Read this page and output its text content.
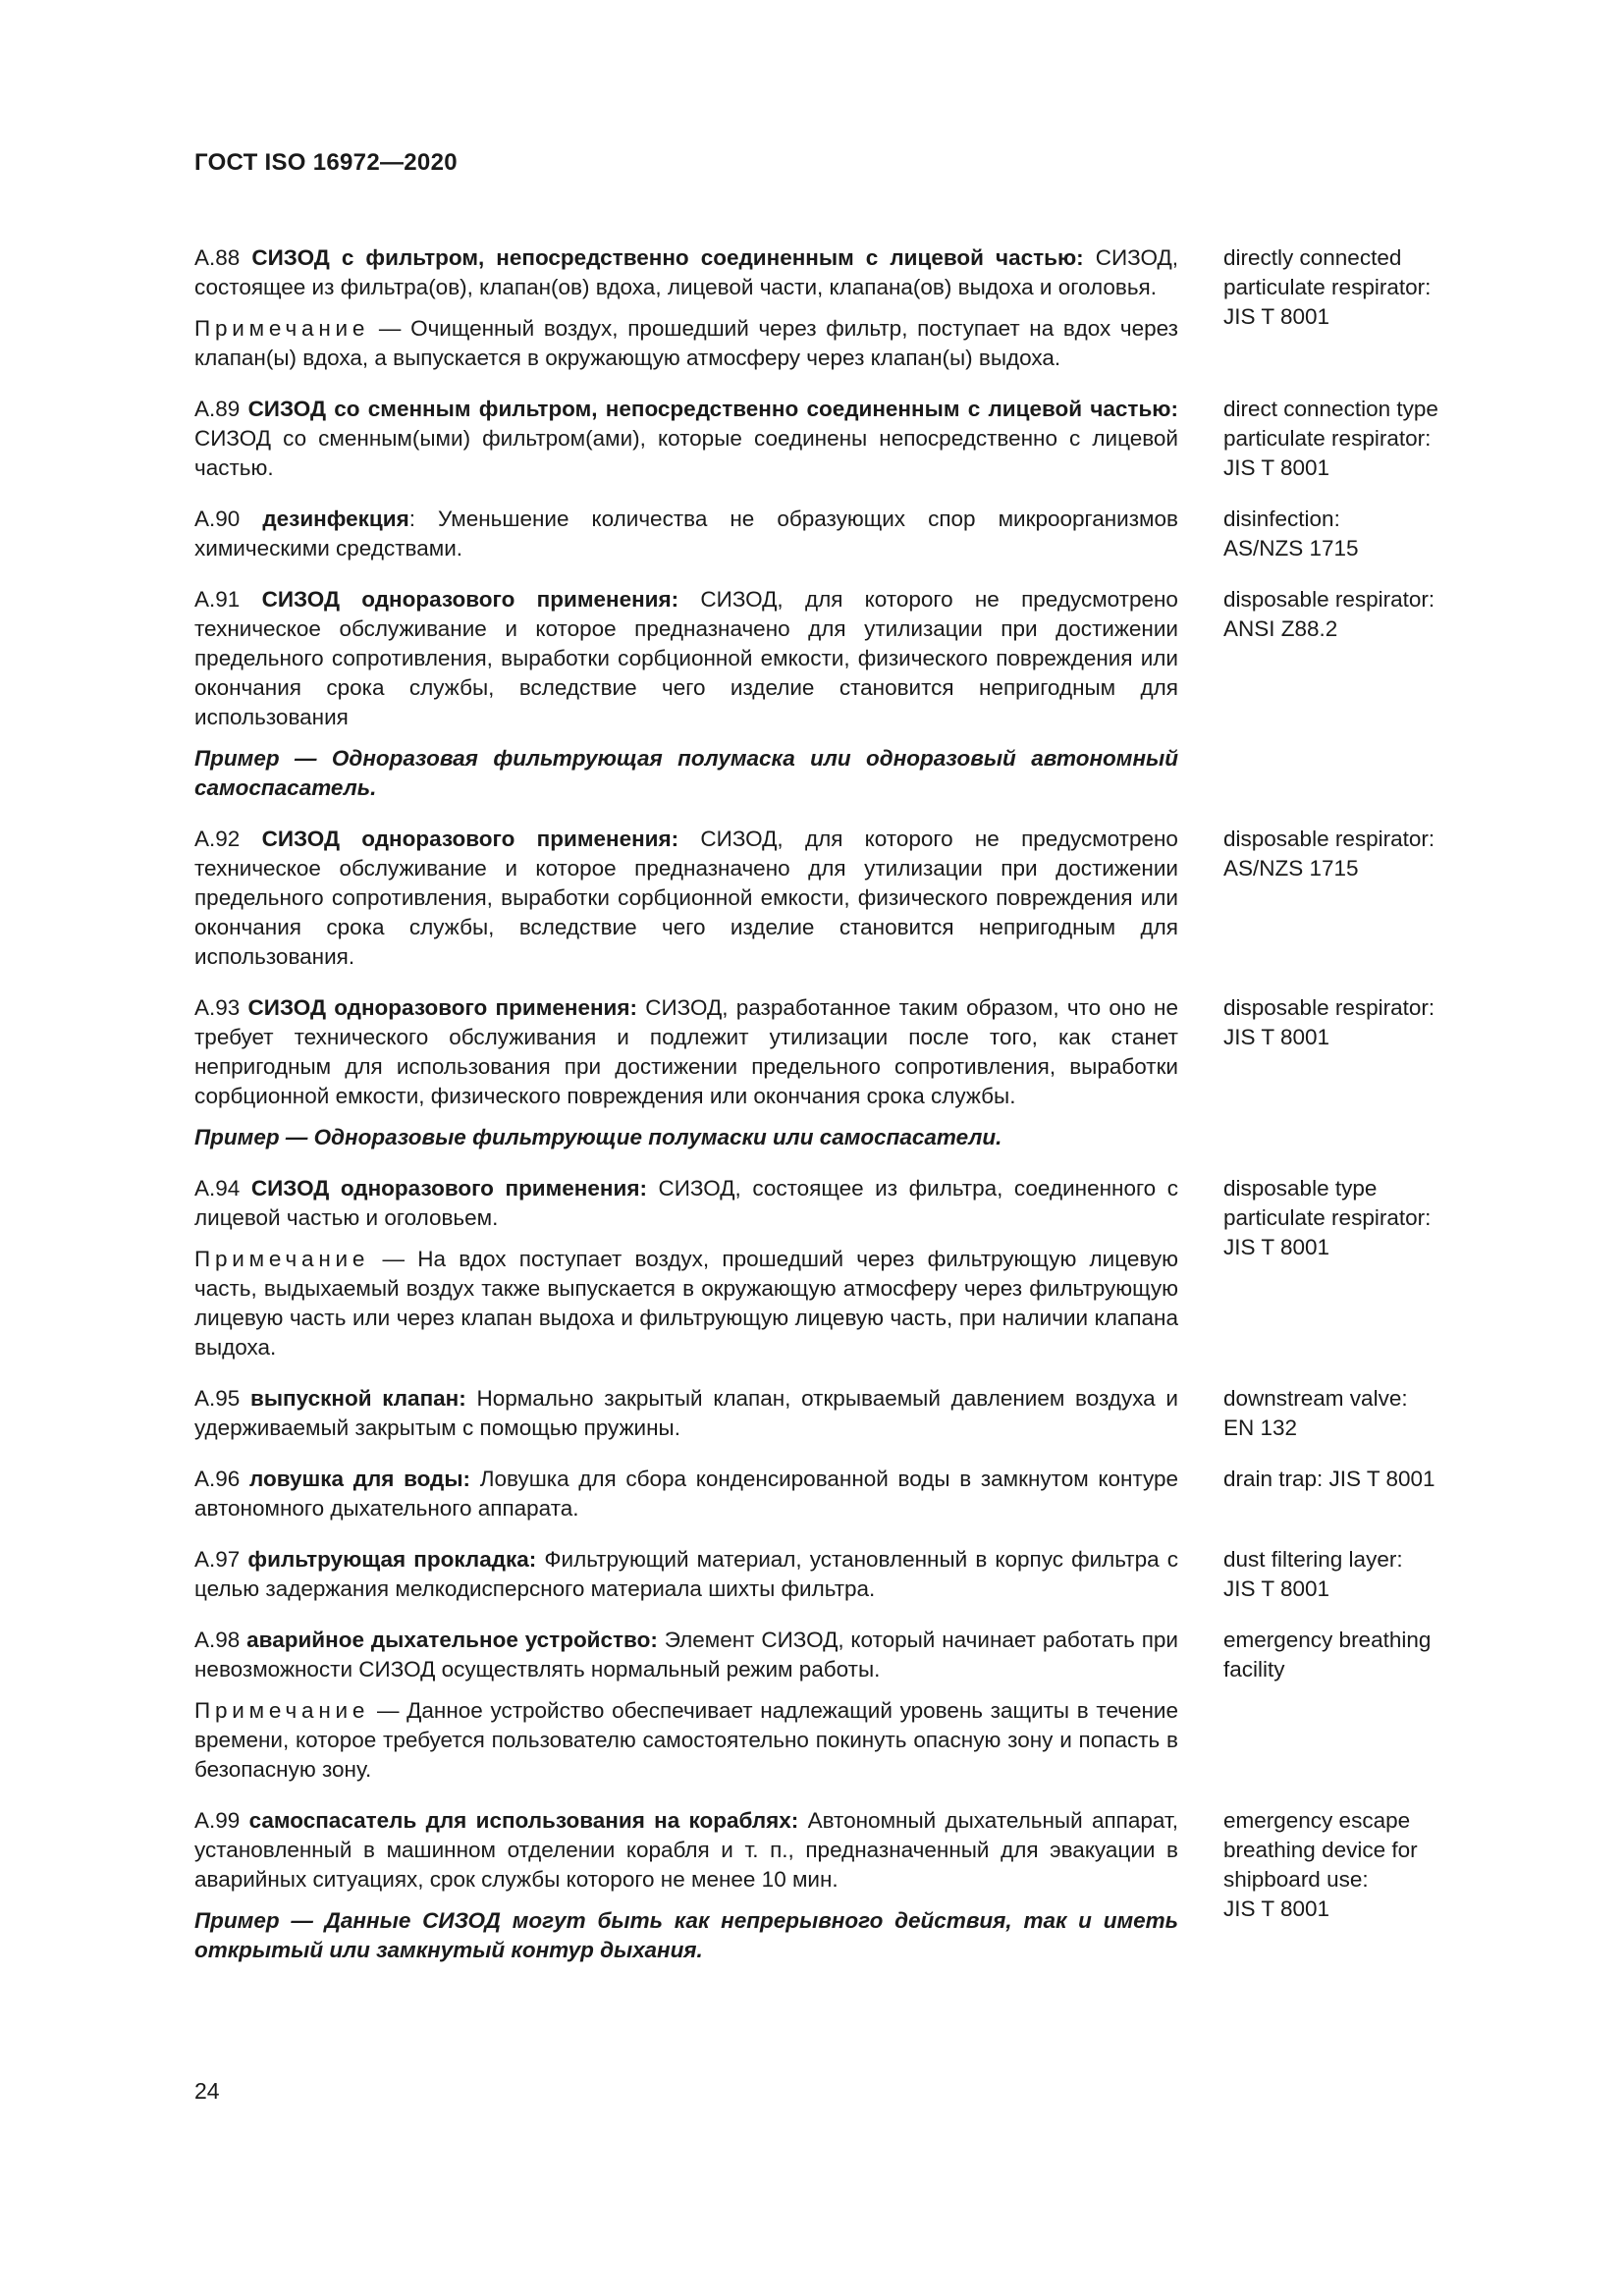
ГОСТ ISO 16972—2020

А.88 СИЗОД с фильтром, непосредственно соединенным с лицевой частью: СИЗОД, состоящее из фильтра(ов), клапан(ов) вдоха, лицевой части, клапана(ов) выдоха и оголовья.

Примечание — Очищенный воздух, прошедший через фильтр, поступает на вдох через клапан(ы) вдоха, а выпускается в окружающую атмосферу через клапан(ы) выдоха.

directly connected
particulate respirator:
JIS T 8001

А.89 СИЗОД со сменным фильтром, непосредственно соединенным с лицевой частью: СИЗОД со сменным(ыми) фильтром(ами), которые соединены непосредственно с лицевой частью.

direct connection type
particulate respirator:
JIS T 8001

А.90 дезинфекция: Уменьшение количества не образующих спор микроорганизмов химическими средствами.

disinfection:
AS/NZS 1715

А.91 СИЗОД одноразового применения: СИЗОД, для которого не предусмотрено техническое обслуживание и которое предназначено для утилизации при достижении предельного сопротивления, выработки сорбционной емкости, физического повреждения или окончания срока службы, вследствие чего изделие становится непригодным для использования

Пример — Одноразовая фильтрующая полумаска или одноразовый автономный самоспасатель.

disposable respirator:
ANSI Z88.2

А.92 СИЗОД одноразового применения: СИЗОД, для которого не предусмотрено техническое обслуживание и которое предназначено для утилизации при достижении предельного сопротивления, выработки сорбционной емкости, физического повреждения или окончания срока службы, вследствие чего изделие становится непригодным для использования.

disposable respirator:
AS/NZS 1715

А.93 СИЗОД одноразового применения: СИЗОД, разработанное таким образом, что оно не требует технического обслуживания и подлежит утилизации после того, как станет непригодным для использования при достижении предельного сопротивления, выработки сорбционной емкости, физического повреждения или окончания срока службы.

Пример — Одноразовые фильтрующие полумаски или самоспасатели.

disposable respirator:
JIS T 8001

А.94 СИЗОД одноразового применения: СИЗОД, состоящее из фильтра, соединенного с лицевой частью и оголовьем.

Примечание — На вдох поступает воздух, прошедший через фильтрующую лицевую часть, выдыхаемый воздух также выпускается в окружающую атмосферу через фильтрующую лицевую часть или через клапан выдоха и фильтрующую лицевую часть, при наличии клапана выдоха.

disposable type
particulate respirator:
JIS T 8001

А.95 выпускной клапан: Нормально закрытый клапан, открываемый давлением воздуха и удерживаемый закрытым с помощью пружины.

downstream valve:
EN 132

А.96 ловушка для воды: Ловушка для сбора конденсированной воды в замкнутом контуре автономного дыхательного аппарата.

drain trap: JIS T 8001

А.97 фильтрующая прокладка: Фильтрующий материал, установленный в корпус фильтра с целью задержания мелкодисперсного материала шихты фильтра.

dust filtering layer:
JIS T 8001

А.98 аварийное дыхательное устройство: Элемент СИЗОД, который начинает работать при невозможности СИЗОД осуществлять нормальный режим работы.

Примечание — Данное устройство обеспечивает надлежащий уровень защиты в течение времени, которое требуется пользователю самостоятельно покинуть опасную зону и попасть в безопасную зону.

emergency breathing
facility

А.99 самоспасатель для использования на кораблях: Автономный дыхательный аппарат, установленный в машинном отделении корабля и т. п., предназначенный для эвакуации в аварийных ситуациях, срок службы которого не менее 10 мин.

Пример — Данные СИЗОД могут быть как непрерывного действия, так и иметь открытый или замкнутый контур дыхания.

emergency escape
breathing device for
shipboard use:
JIS T 8001
24
